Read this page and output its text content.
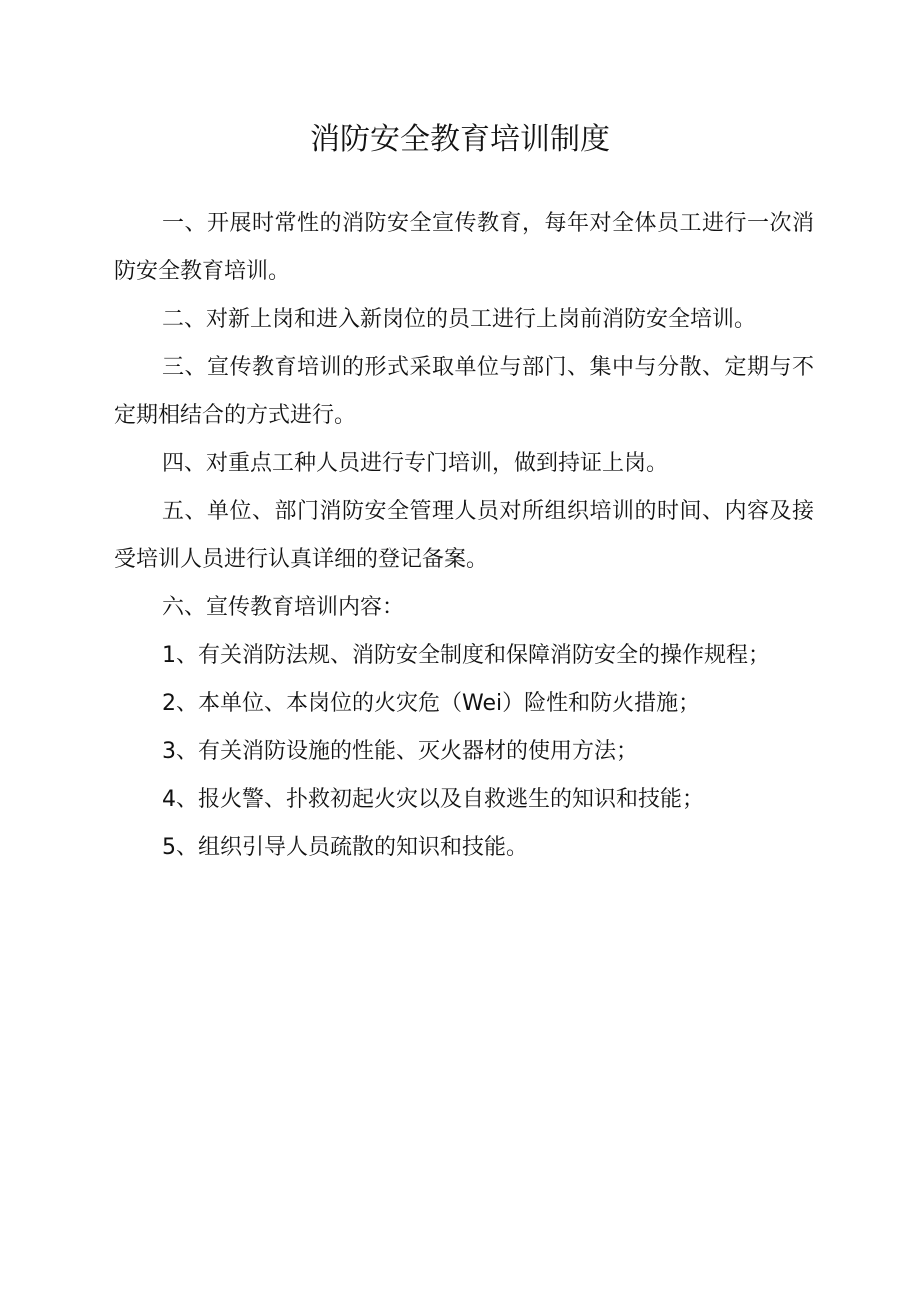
消防安全教育培训制度

一、开展时常性的消防安全宣传教育，每年对全体员工进行一次消防安全教育培训。

二、对新上岗和进入新岗位的员工进行上岗前消防安全培训。

三、宣传教育培训的形式采取单位与部门、集中与分散、定期与不定期相结合的方式进行。

四、对重点工种人员进行专门培训，做到持证上岗。

五、单位、部门消防安全管理人员对所组织培训的时间、内容及接受培训人员进行认真详细的登记备案。

六、宣传教育培训内容：

1、有关消防法规、消防安全制度和保障消防安全的操作规程；

2、本单位、本岗位的火灾危（Wei）险性和防火措施；

3、有关消防设施的性能、灭火器材的使用方法；

4、报火警、扑救初起火灾以及自救逃生的知识和技能；

5、组织引导人员疏散的知识和技能。
